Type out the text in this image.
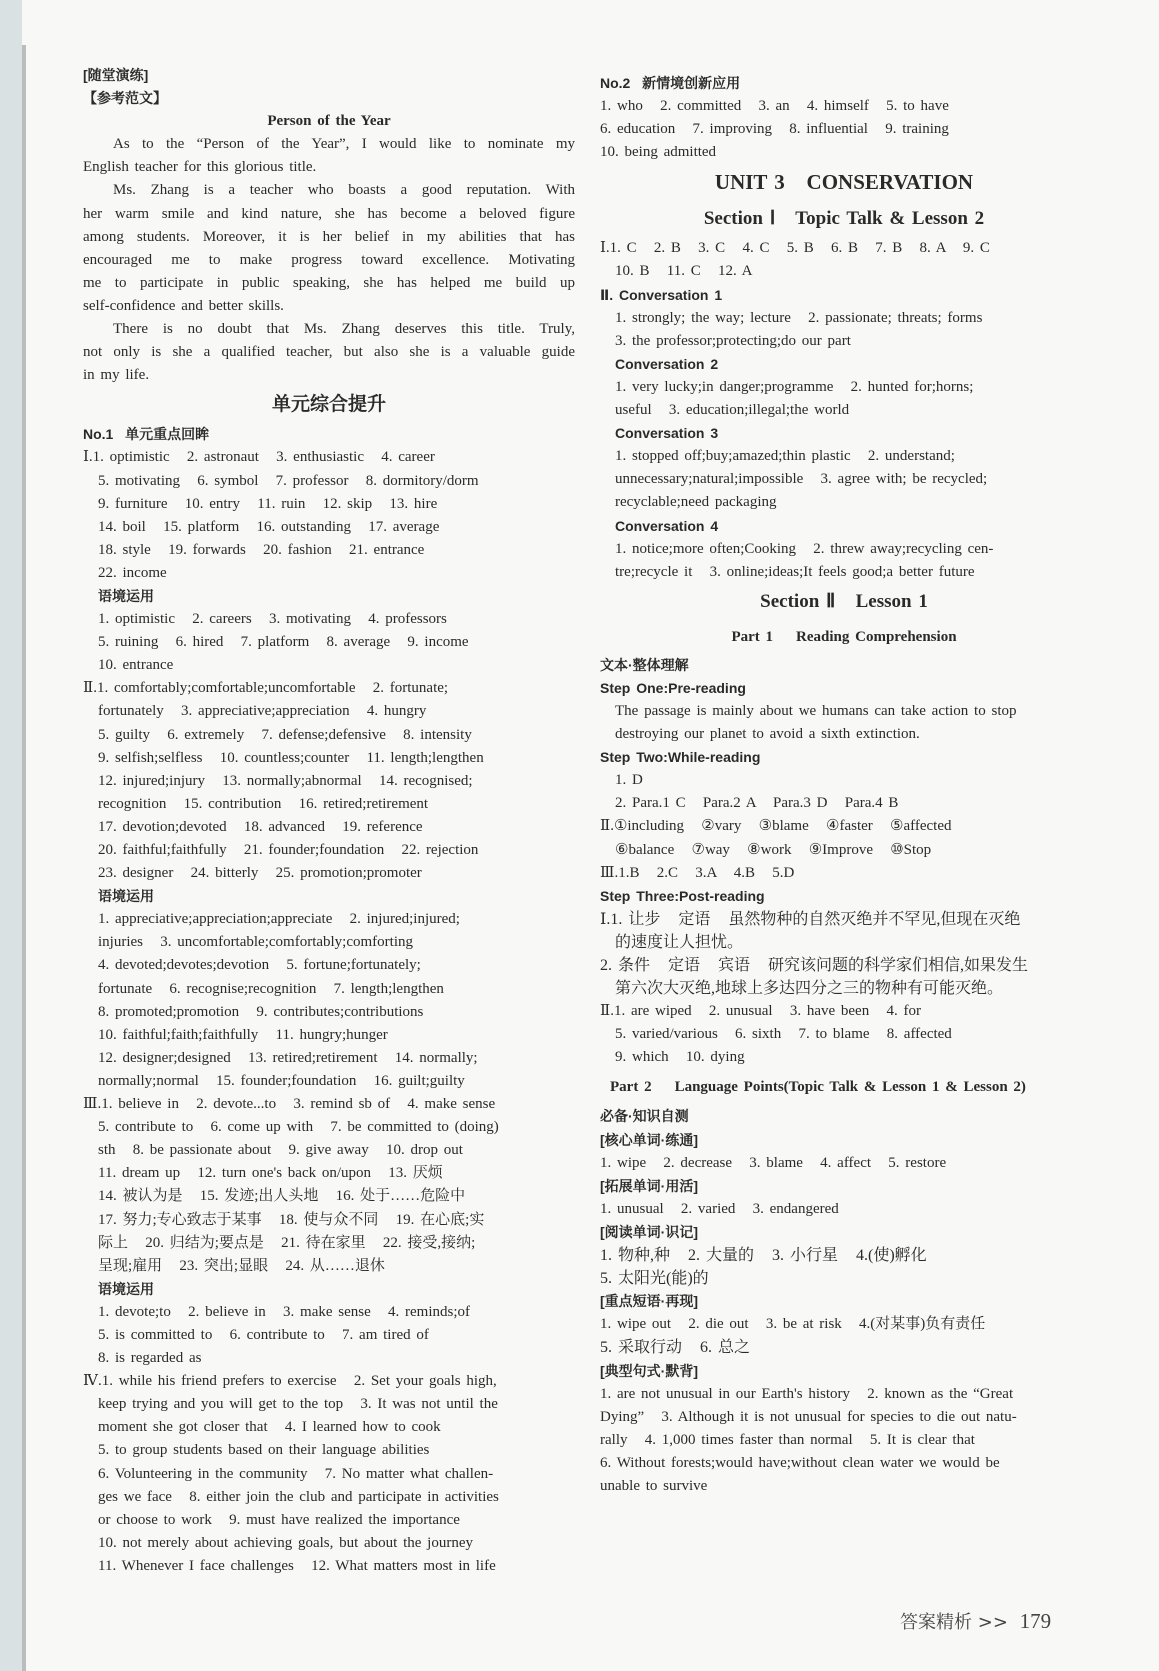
[随堂演练]
【参考范文】
Person of the Year
As to the “Person of the Year”, I would like to nominate my
English teacher for this glorious title.
Ms. Zhang is a teacher who boasts a good reputation. With
her warm smile and kind nature, she has become a beloved figure
among students. Moreover, it is her belief in my abilities that has
encouraged me to make progress toward excellence. Motivating
me to participate in public speaking, she has helped me build up
self-confidence and better skills.
There is no doubt that Ms. Zhang deserves this title. Truly,
not only is she a qualified teacher, but also she is a valuable guide
in my life.
单元综合提升
No.1  单元重点回眸
Ⅰ.1. optimistic   2. astronaut   3. enthusiastic   4. career
5. motivating   6. symbol   7. professor   8. dormitory/dorm
9. furniture   10. entry   11. ruin   12. skip   13. hire
14. boil   15. platform   16. outstanding   17. average
18. style   19. forwards   20. fashion   21. entrance
22. income
语境运用
1. optimistic   2. careers   3. motivating   4. professors
5. ruining   6. hired   7. platform   8. average   9. income
10. entrance
Ⅱ.1. comfortably;comfortable;uncomfortable   2. fortunate;
fortunately   3. appreciative;appreciation   4. hungry
5. guilty   6. extremely   7. defense;defensive   8. intensity
9. selfish;selfless   10. countless;counter   11. length;lengthen
12. injured;injury   13. normally;abnormal   14. recognised;
recognition   15. contribution   16. retired;retirement
17. devotion;devoted   18. advanced   19. reference
20. faithful;faithfully   21. founder;foundation   22. rejection
23. designer   24. bitterly   25. promotion;promoter
语境运用
1. appreciative;appreciation;appreciate   2. injured;injured;
injuries   3. uncomfortable;comfortably;comforting
4. devoted;devotes;devotion   5. fortune;fortunately;
fortunate   6. recognise;recognition   7. length;lengthen
8. promoted;promotion   9. contributes;contributions
10. faithful;faith;faithfully   11. hungry;hunger
12. designer;designed   13. retired;retirement   14. normally;
normally;normal   15. founder;foundation   16. guilt;guilty
Ⅲ.1. believe in   2. devote...to   3. remind sb of   4. make sense
5. contribute to   6. come up with   7. be committed to (doing)
sth   8. be passionate about   9. give away   10. drop out
11. dream up   12. turn one's back on/upon   13. 厌烦
14. 被认为是   15. 发迹;出人头地   16. 处于……危险中
17. 努力;专心致志于某事   18. 使与众不同   19. 在心底;实
际上   20. 归结为;要点是   21. 待在家里   22. 接受,接纳;
呈现;雇用   23. 突出;显眼   24. 从……退休
语境运用
1. devote;to   2. believe in   3. make sense   4. reminds;of
5. is committed to   6. contribute to   7. am tired of
8. is regarded as
Ⅳ.1. while his friend prefers to exercise   2. Set your goals high,
keep trying and you will get to the top   3. It was not until the
moment she got closer that   4. I learned how to cook
5. to group students based on their language abilities
6. Volunteering in the community   7. No matter what challen-
ges we face   8. either join the club and participate in activities
or choose to work   9. must have realized the importance
10. not merely about achieving goals, but about the journey
11. Whenever I face challenges   12. What matters most in life
No.2  新情境创新应用
1. who   2. committed   3. an   4. himself   5. to have
6. education   7. improving   8. influential   9. training
10. being admitted
UNIT 3   CONSERVATION
Section Ⅰ   Topic Talk & Lesson 2
Ⅰ.1. C   2. B   3. C   4. C   5. B   6. B   7. B   8. A   9. C
10. B   11. C   12. A
Ⅱ. Conversation 1
1. strongly; the way; lecture   2. passionate; threats; forms
3. the professor;protecting;do our part
Conversation 2
1. very lucky;in danger;programme   2. hunted for;horns;
useful   3. education;illegal;the world
Conversation 3
1. stopped off;buy;amazed;thin plastic   2. understand;
unnecessary;natural;impossible   3. agree with; be recycled;
recyclable;need packaging
Conversation 4
1. notice;more often;Cooking   2. threw away;recycling cen-
tre;recycle it   3. online;ideas;It feels good;a better future
Section Ⅱ   Lesson 1
Part 1    Reading Comprehension
文本·整体理解
Step One:Pre-reading
The passage is mainly about we humans can take action to stop
destroying our planet to avoid a sixth extinction.
Step Two:While-reading
1. D
2. Para.1 C   Para.2 A   Para.3 D   Para.4 B
Ⅱ.①including   ②vary   ③blame   ④faster   ⑤affected
⑥balance   ⑦way   ⑧work   ⑨Improve   ⑩Stop
Ⅲ.1.B   2.C   3.A   4.B   5.D
Step Three:Post-reading
Ⅰ.1. 让步   定语   虽然物种的自然灭绝并不罕见,但现在灭绝
的速度让人担忧。
2. 条件   定语   宾语   研究该问题的科学家们相信,如果发生
第六次大灭绝,地球上多达四分之三的物种有可能灭绝。
Ⅱ.1. are wiped   2. unusual   3. have been   4. for
5. varied/various   6. sixth   7. to blame   8. affected
9. which   10. dying
Part 2    Language Points(Topic Talk & Lesson 1 & Lesson 2)
必备·知识自测
[核心单词·练通]
1. wipe   2. decrease   3. blame   4. affect   5. restore
[拓展单词·用活]
1. unusual   2. varied   3. endangered
[阅读单词·识记]
1. 物种,种   2. 大量的   3. 小行星   4.(使)孵化
5. 太阳光(能)的
[重点短语·再现]
1. wipe out   2. die out   3. be at risk   4.(对某事)负有责任
5. 采取行动   6. 总之
[典型句式·默背]
1. are not unusual in our Earth's history   2. known as the “Great
Dying”   3. Although it is not unusual for species to die out natu-
rally   4. 1,000 times faster than normal   5. It is clear that
6. Without forests;would have;without clean water we would be
unable to survive
答案精析 >> 179
